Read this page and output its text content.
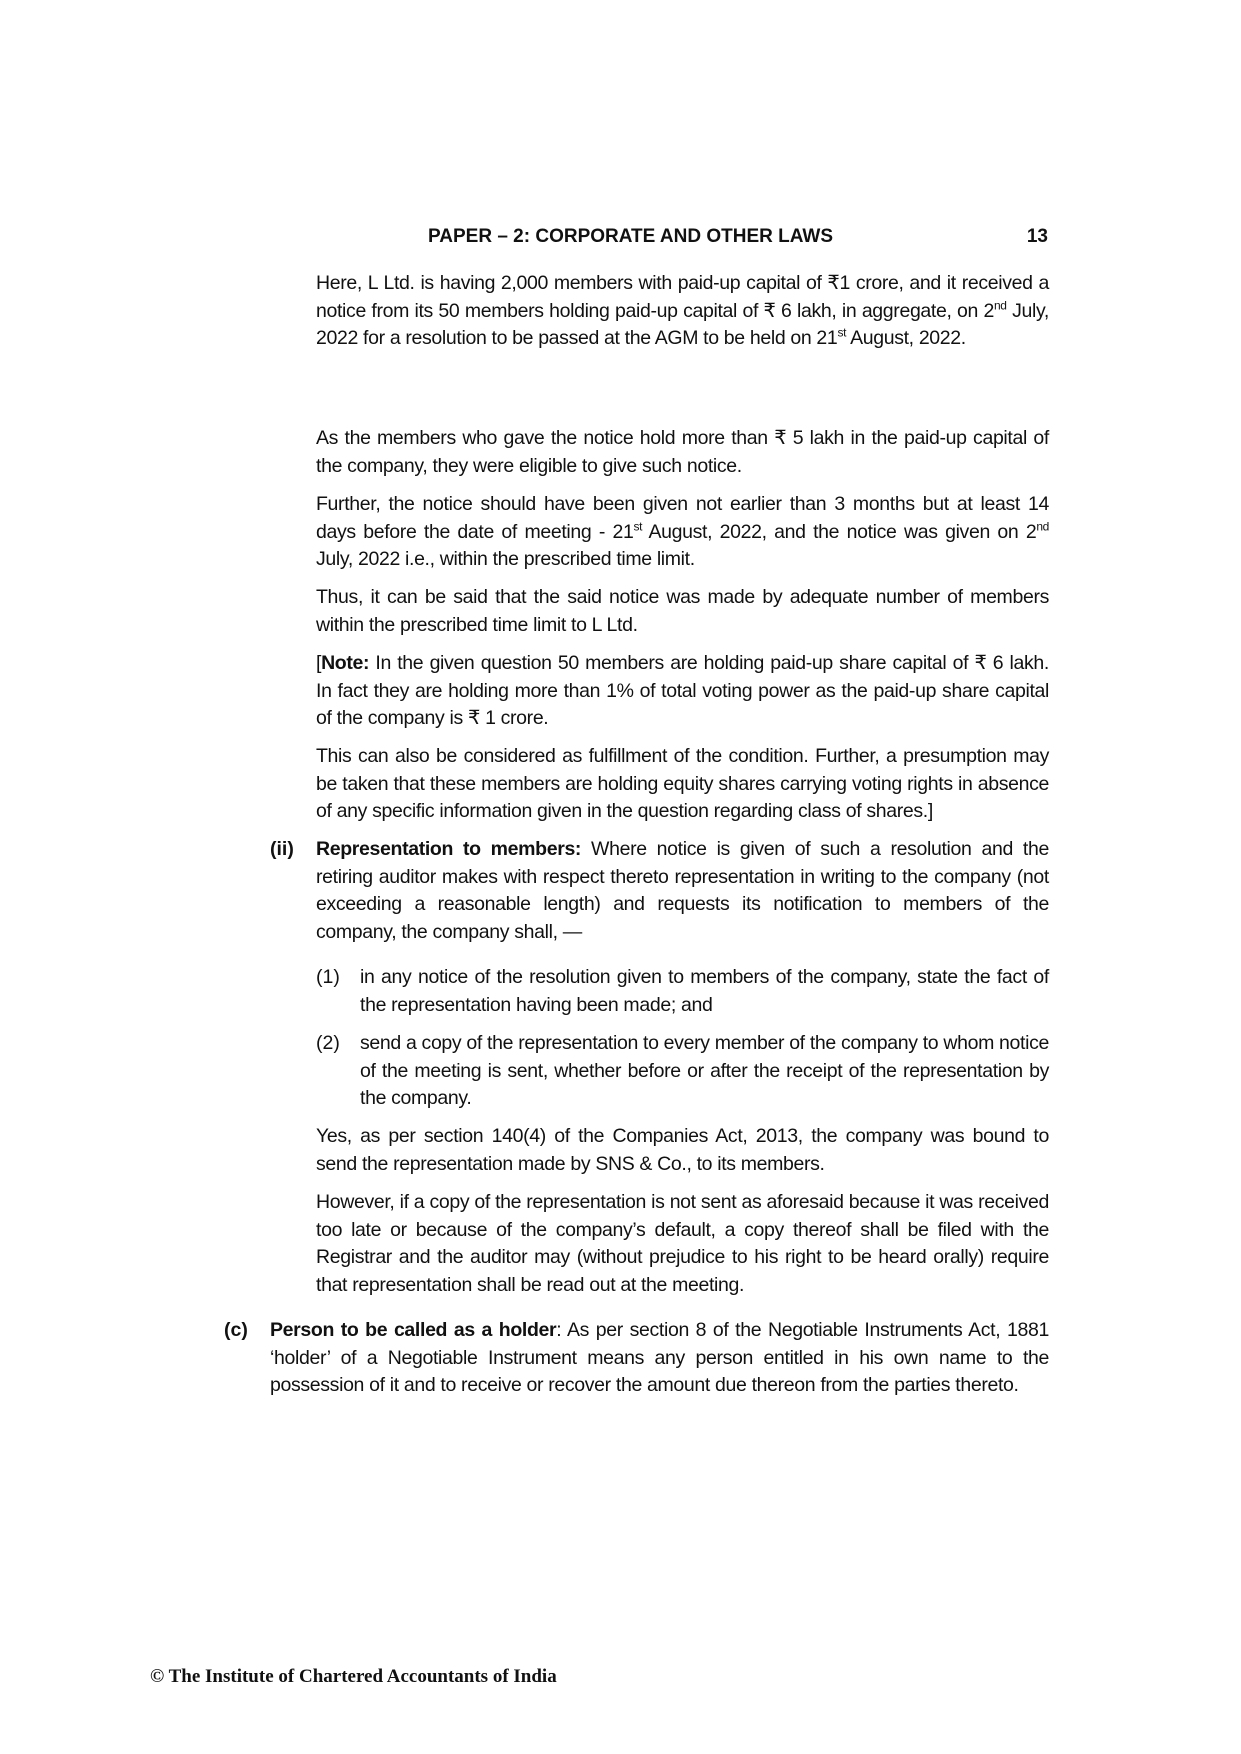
PAPER – 2: CORPORATE AND OTHER LAWS	13

Here, L Ltd. is having 2,000 members with paid-up capital of ₹1 crore, and it received a notice from its 50 members holding paid-up capital of ₹ 6 lakh, in aggregate, on 2nd July, 2022 for a resolution to be passed at the AGM to be held on 21st August, 2022.

As the members who gave the notice hold more than ₹ 5 lakh in the paid-up capital of the company, they were eligible to give such notice.

Further, the notice should have been given not earlier than 3 months but at least 14 days before the date of meeting - 21st August, 2022, and the notice was given on 2nd July, 2022 i.e., within the prescribed time limit.

Thus, it can be said that the said notice was made by adequate number of members within the prescribed time limit to L Ltd.

[Note: In the given question 50 members are holding paid-up share capital of ₹ 6 lakh. In fact they are holding more than 1% of total voting power as the paid-up share capital of the company is ₹ 1 crore.

This can also be considered as fulfillment of the condition. Further, a presumption may be taken that these members are holding equity shares carrying voting rights in absence of any specific information given in the question regarding class of shares.]

(ii) Representation to members: Where notice is given of such a resolution and the retiring auditor makes with respect thereto representation in writing to the company (not exceeding a reasonable length) and requests its notification to members of the company, the company shall, —

(1) in any notice of the resolution given to members of the company, state the fact of the representation having been made; and

(2) send a copy of the representation to every member of the company to whom notice of the meeting is sent, whether before or after the receipt of the representation by the company.

Yes, as per section 140(4) of the Companies Act, 2013, the company was bound to send the representation made by SNS & Co., to its members.

However, if a copy of the representation is not sent as aforesaid because it was received too late or because of the company’s default, a copy thereof shall be filed with the Registrar and the auditor may (without prejudice to his right to be heard orally) require that representation shall be read out at the meeting.

(c) Person to be called as a holder: As per section 8 of the Negotiable Instruments Act, 1881 ‘holder’ of a Negotiable Instrument means any person entitled in his own name to the possession of it and to receive or recover the amount due thereon from the parties thereto.

© The Institute of Chartered Accountants of India
